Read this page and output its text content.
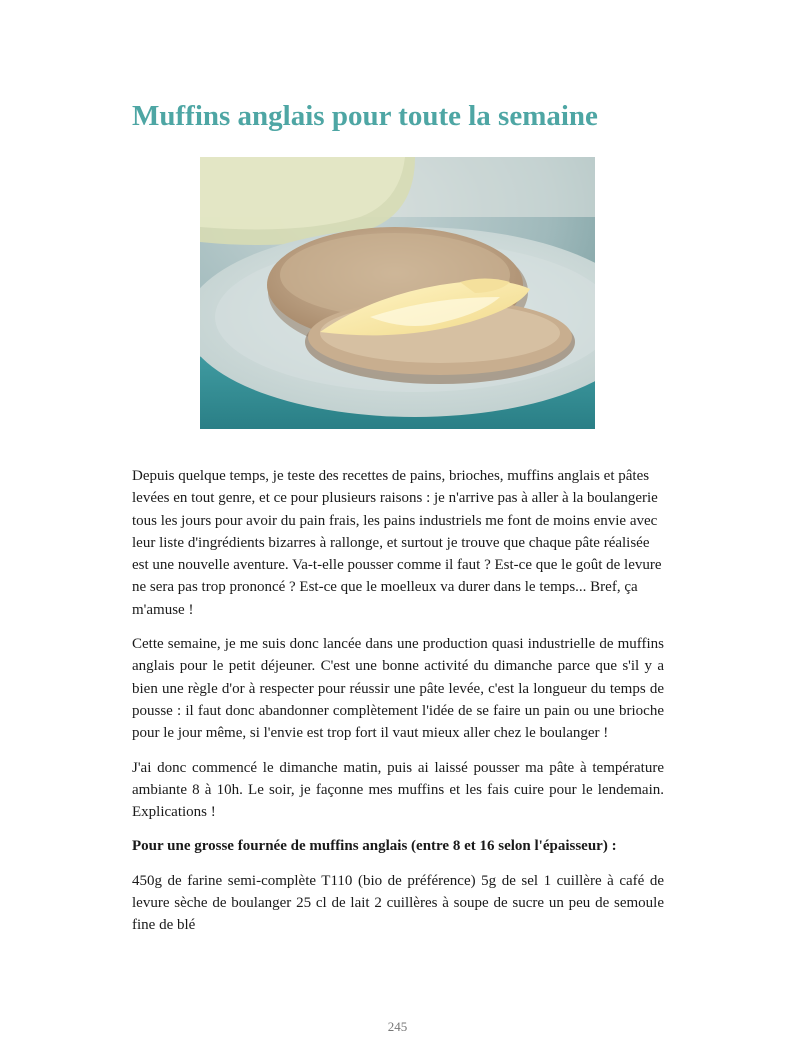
Muffins anglais pour toute la semaine

Depuis quelque temps, je teste des recettes de pains, brioches, muffins anglais et pâtes levées en tout genre, et ce pour plusieurs raisons : je n'arrive pas à aller à la boulangerie tous les jours pour avoir du pain frais, les pains industriels me font de moins envie avec leur liste d'ingrédients bizarres à rallonge, et surtout je trouve que chaque pâte réalisée est une nouvelle aventure. Va-t-elle pousser comme il faut ? Est-ce que le goût de levure ne sera pas trop prononcé ? Est-ce que le moelleux va durer dans le temps... Bref, ça m'amuse !

Cette semaine, je me suis donc lancée dans une production quasi industrielle de muffins anglais pour le petit déjeuner. C'est une bonne activité du dimanche parce que s'il y a bien une règle d'or à respecter pour réussir une pâte levée, c'est la longueur du temps de pousse : il faut donc abandonner complètement l'idée de se faire un pain ou une brioche pour le jour même, si l'envie est trop fort il vaut mieux aller chez le boulanger !

J'ai donc commencé le dimanche matin, puis ai laissé pousser ma pâte à température ambiante 8 à 10h. Le soir, je façonne mes muffins et les fais cuire pour le lendemain. Explications !

Pour une grosse fournée de muffins anglais (entre 8 et 16 selon l'épaisseur) :

450g de farine semi-complète T110 (bio de préférence) 5g de sel 1 cuillère à café de levure sèche de boulanger 25 cl de lait 2 cuillères à soupe de sucre un peu de semoule fine de blé

245
